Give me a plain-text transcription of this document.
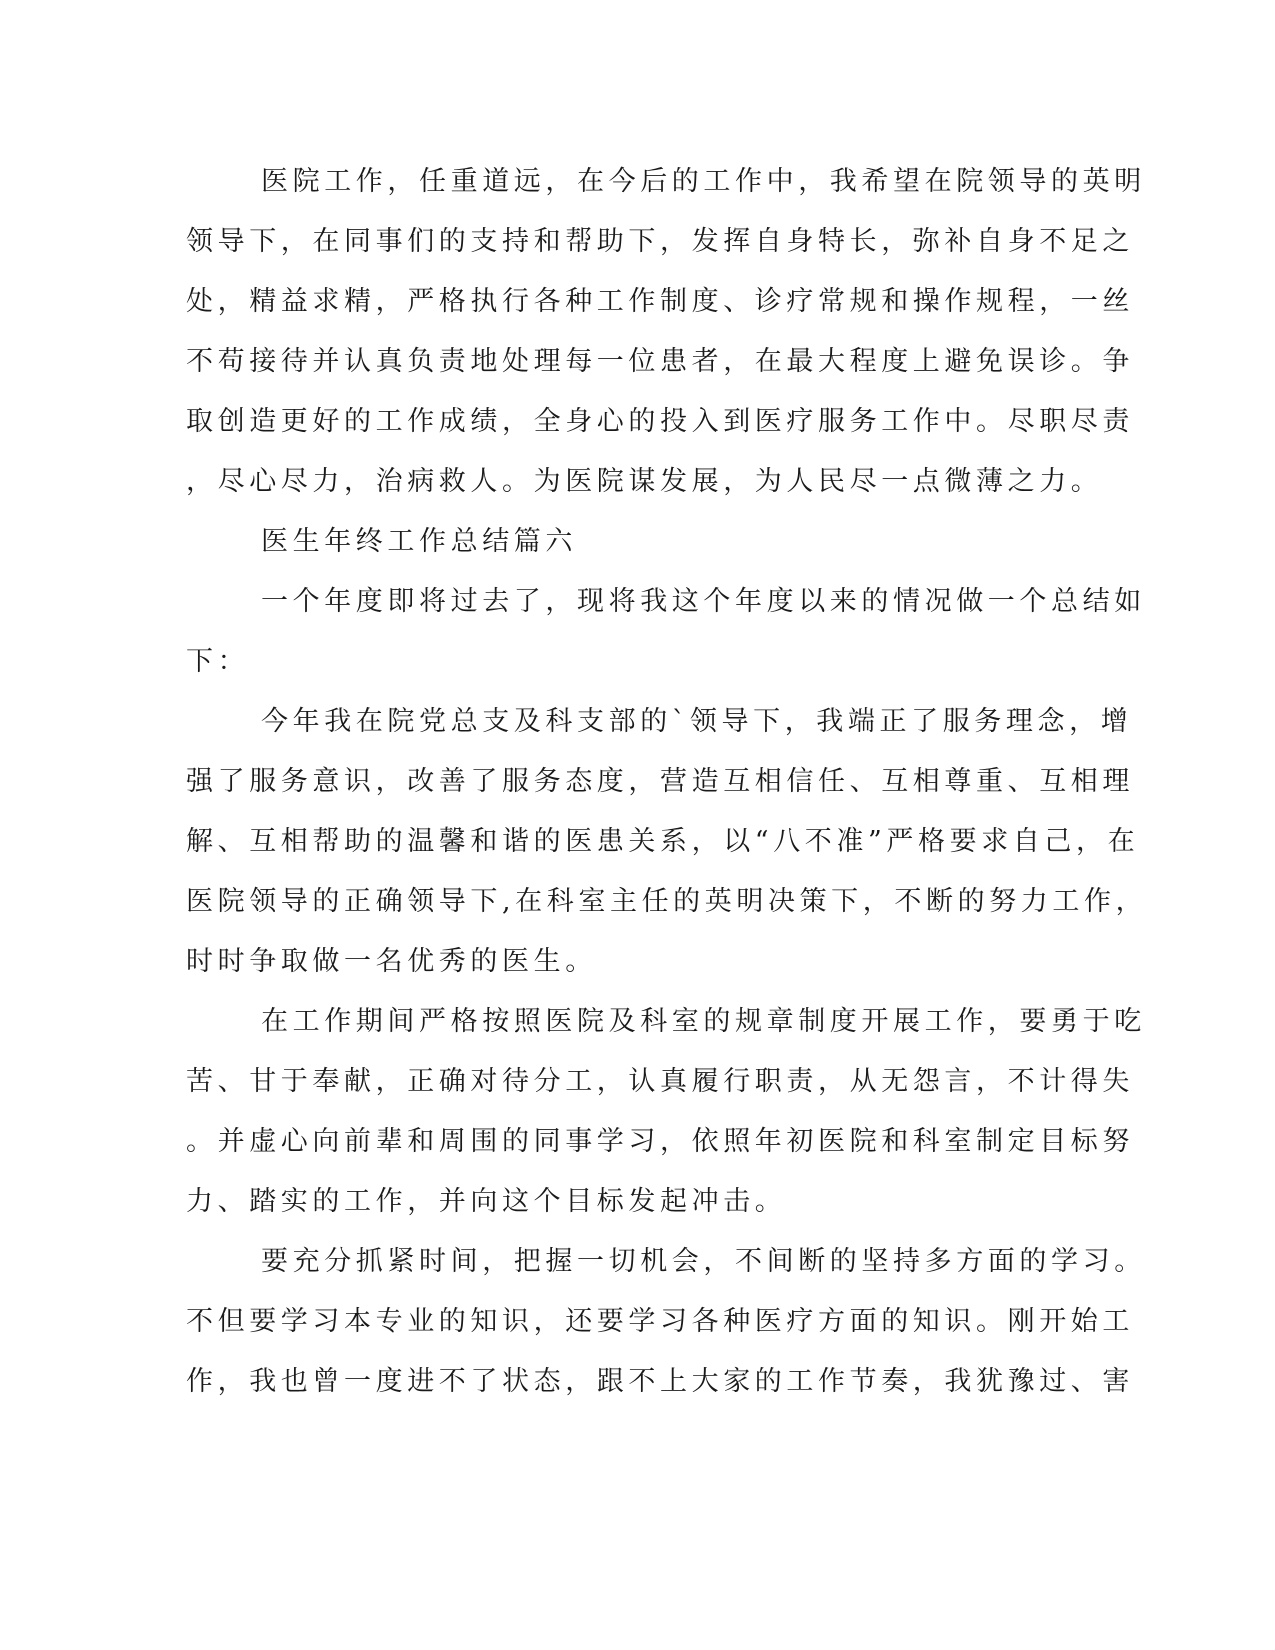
医院工作，任重道远，在今后的工作中，我希望在院领导的英明
领导下，在同事们的支持和帮助下，发挥自身特长，弥补自身不足之
处，精益求精，严格执行各种工作制度、诊疗常规和操作规程，一丝
不苟接待并认真负责地处理每一位患者，在最大程度上避免误诊。争
取创造更好的工作成绩，全身心的投入到医疗服务工作中。尽职尽责
，尽心尽力，治病救人。为医院谋发展，为人民尽一点微薄之力。
医生年终工作总结篇六
一个年度即将过去了，现将我这个年度以来的情况做一个总结如
下：
今年我在院党总支及科支部的`领导下，我端正了服务理念，增
强了服务意识，改善了服务态度，营造互相信任、互相尊重、互相理
解、互相帮助的温馨和谐的医患关系，以“八不准”严格要求自己，在
医院领导的正确领导下,在科室主任的英明决策下，不断的努力工作，
时时争取做一名优秀的医生。
在工作期间严格按照医院及科室的规章制度开展工作，要勇于吃
苦、甘于奉献，正确对待分工，认真履行职责，从无怨言，不计得失
。并虚心向前辈和周围的同事学习，依照年初医院和科室制定目标努
力、踏实的工作，并向这个目标发起冲击。
要充分抓紧时间，把握一切机会，不间断的坚持多方面的学习。
不但要学习本专业的知识，还要学习各种医疗方面的知识。刚开始工
作，我也曾一度进不了状态，跟不上大家的工作节奏，我犹豫过、害
